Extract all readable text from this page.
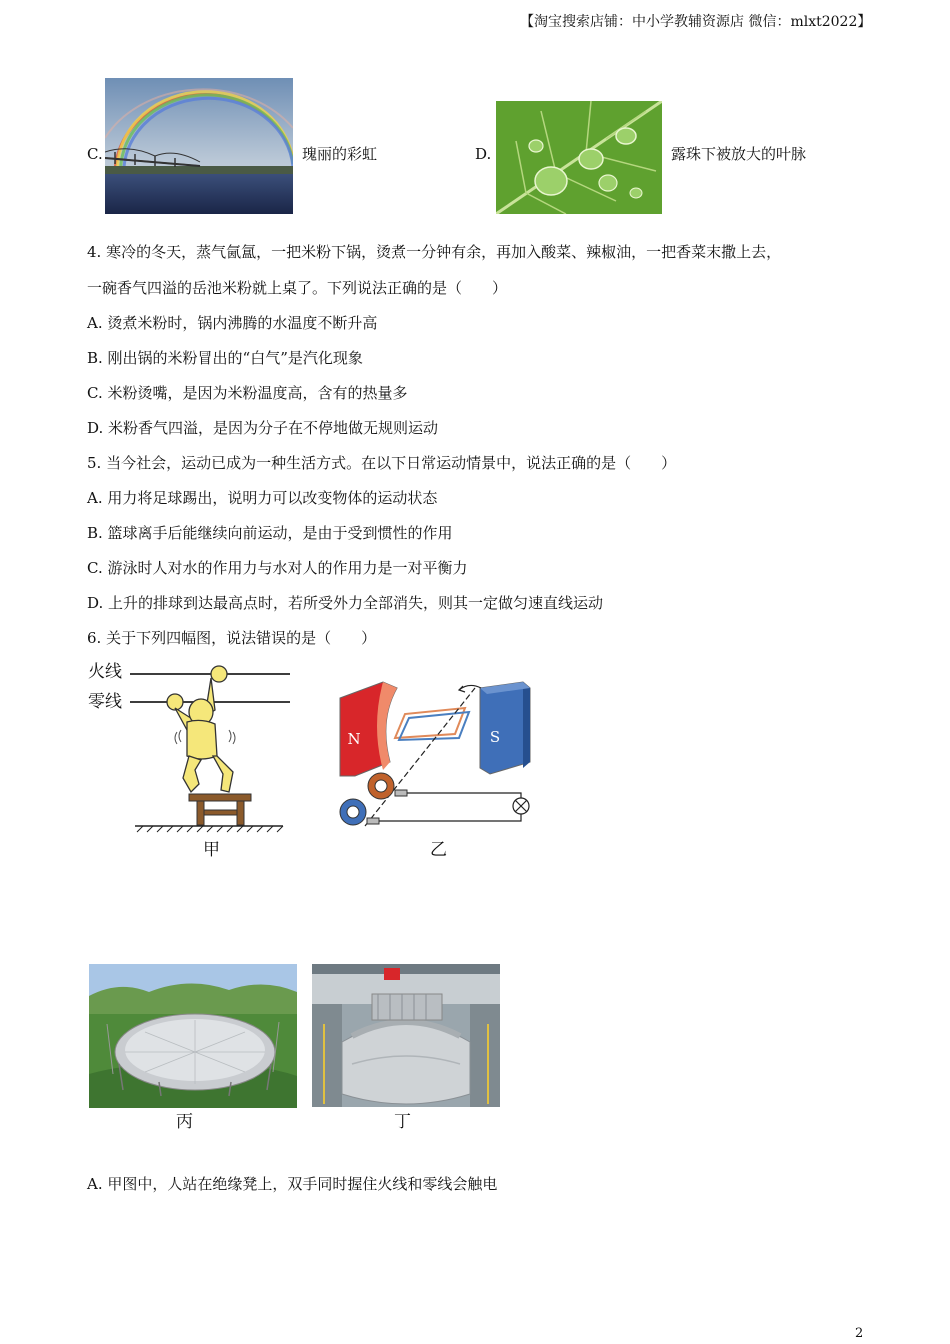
【淘宝搜索店铺：中小学教辅资源店 微信：mlxt2022】
C.	瑰丽的彩虹	D.	露珠下被放大的叶脉
4. 寒冷的冬天，蒸气氤氲，一把米粉下锅，烫煮一分钟有余，再加入酸菜、辣椒油，一把香菜末撒上去，
一碗香气四溢的岳池米粉就上桌了。下列说法正确的是（　　）
A. 烫煮米粉时，锅内沸腾的水温度不断升高
B. 刚出锅的米粉冒出的“白气”是汽化现象
C. 米粉烫嘴，是因为米粉温度高，含有的热量多
D. 米粉香气四溢，是因为分子在不停地做无规则运动
5. 当今社会，运动已成为一种生活方式。在以下日常运动情景中，说法正确的是（　　）
A. 用力将足球踢出，说明力可以改变物体的运动状态
B. 篮球离手后能继续向前运动，是由于受到惯性的作用
C. 游泳时人对水的作用力与水对人的作用力是一对平衡力
D. 上升的排球到达最高点时，若所受外力全部消失，则其一定做匀速直线运动
6. 关于下列四幅图，说法错误的是（　　）
火线
零线
甲
N	S
乙
丙	丁
A. 甲图中，人站在绝缘凳上，双手同时握住火线和零线会触电
2
